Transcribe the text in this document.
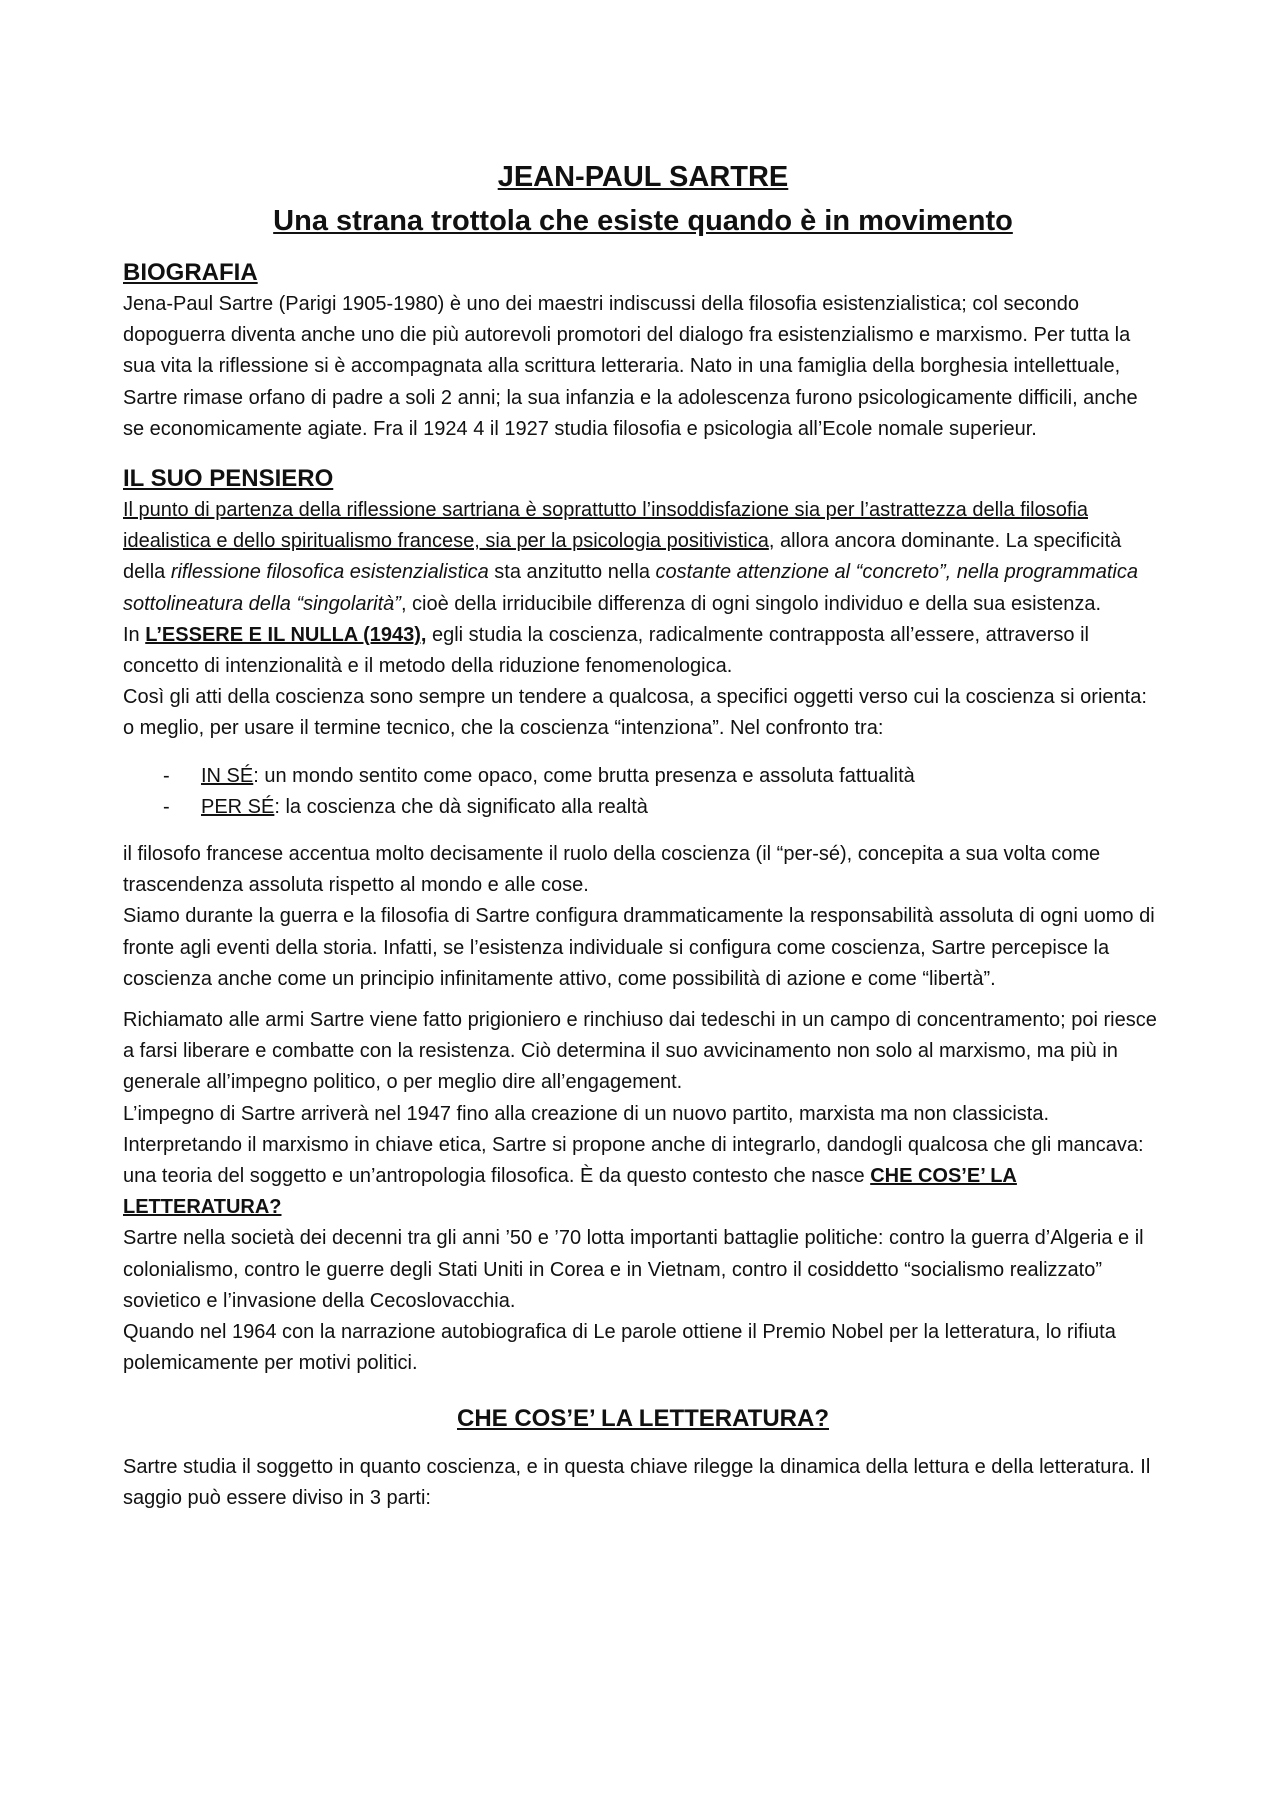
JEAN-PAUL SARTRE
Una strana trottola che esiste quando è in movimento
BIOGRAFIA

Jena-Paul Sartre (Parigi 1905-1980) è uno dei maestri indiscussi della filosofia esistenzialistica; col secondo dopoguerra diventa anche uno die più autorevoli promotori del dialogo fra esistenzialismo e marxismo. Per tutta la sua vita la riflessione si è accompagnata alla scrittura letteraria. Nato in una famiglia della borghesia intellettuale, Sartre rimase orfano di padre a soli 2 anni; la sua infanzia e la adolescenza furono psicologicamente difficili, anche se economicamente agiate. Fra il 1924 4 il 1927 studia filosofia e psicologia all’Ecole nomale superieur.

IL SUO PENSIERO

Il punto di partenza della riflessione sartriana è soprattutto l’insoddisfazione sia per l’astrattezza della filosofia idealistica e dello spiritualismo francese, sia per la psicologia positivistica, allora ancora dominante. La specificità della riflessione filosofica esistenzialistica sta anzitutto nella costante attenzione al “concreto”, nella programmatica sottolineatura della “singolarità”, cioè della irriducibile differenza di ogni singolo individuo e della sua esistenza.

In L’ESSERE E IL NULLA (1943), egli studia la coscienza, radicalmente contrapposta all’essere, attraverso il concetto di intenzionalità e il metodo della riduzione fenomenologica.

Così gli atti della coscienza sono sempre un tendere a qualcosa, a specifici oggetti verso cui la coscienza si orienta: o meglio, per usare il termine tecnico, che la coscienza “intenziona”. Nel confronto tra:

- IN SÉ: un mondo sentito come opaco, come brutta presenza e assoluta fattualità
- PER SÉ: la coscienza che dà significato alla realtà

il filosofo francese accentua molto decisamente il ruolo della coscienza (il “per-sé), concepita a sua volta come trascendenza assoluta rispetto al mondo e alle cose.

Siamo durante la guerra e la filosofia di Sartre configura drammaticamente la responsabilità assoluta di ogni uomo di fronte agli eventi della storia. Infatti, se l’esistenza individuale si configura come coscienza, Sartre percepisce la coscienza anche come un principio infinitamente attivo, come possibilità di azione e come “libertà”.

Richiamato alle armi Sartre viene fatto prigioniero e rinchiuso dai tedeschi in un campo di concentramento; poi riesce a farsi liberare e combatte con la resistenza. Ciò determina il suo avvicinamento non solo al marxismo, ma più in generale all’impegno politico, o per meglio dire all’engagement.

L’impegno di Sartre arriverà nel 1947 fino alla creazione di un nuovo partito, marxista ma non classicista. Interpretando il marxismo in chiave etica, Sartre si propone anche di integrarlo, dandogli qualcosa che gli mancava: una teoria del soggetto e un’antropologia filosofica. È da questo contesto che nasce CHE COS’E’ LA LETTERATURA?

Sartre nella società dei decenni tra gli anni ’50 e ’70 lotta importanti battaglie politiche: contro la guerra d’Algeria e il colonialismo, contro le guerre degli Stati Uniti in Corea e in Vietnam, contro il cosiddetto “socialismo realizzato” sovietico e l’invasione della Cecoslovacchia.

Quando nel 1964 con la narrazione autobiografica di Le parole ottiene il Premio Nobel per la letteratura, lo rifiuta polemicamente per motivi politici.

CHE COS’E’ LA LETTERATURA?

Sartre studia il soggetto in quanto coscienza, e in questa chiave rilegge la dinamica della lettura e della letteratura. Il saggio può essere diviso in 3 parti:
